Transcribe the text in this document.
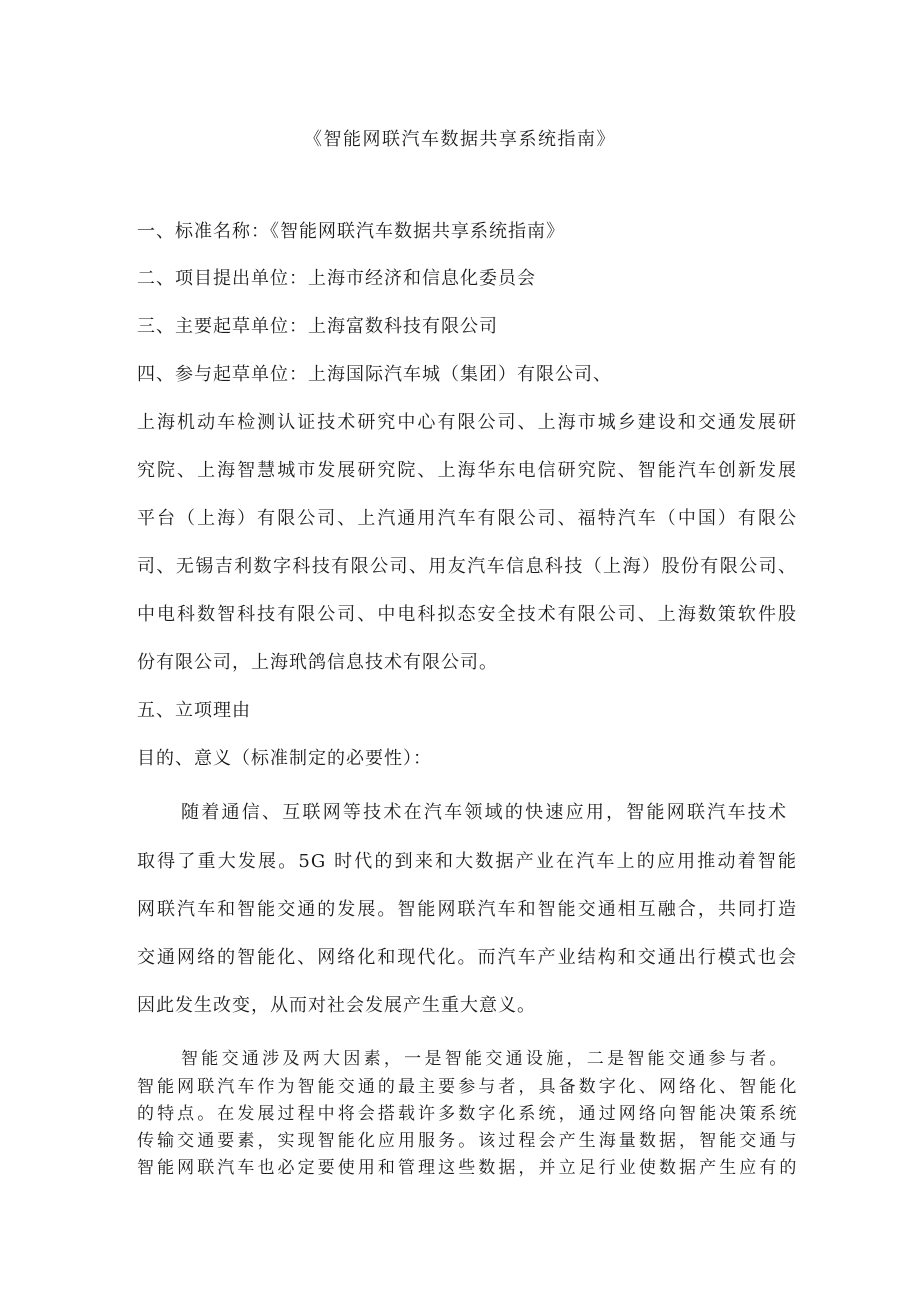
《智能网联汽车数据共享系统指南》
一、标准名称：《智能网联汽车数据共享系统指南》
二、项目提出单位：上海市经济和信息化委员会
三、主要起草单位：上海富数科技有限公司
四、参与起草单位：上海国际汽车城（集团）有限公司、
上海机动车检测认证技术研究中心有限公司、上海市城乡建设和交通发展研
究院、上海智慧城市发展研究院、上海华东电信研究院、智能汽车创新发展
平台（上海）有限公司、上汽通用汽车有限公司、福特汽车（中国）有限公
司、无锡吉利数字科技有限公司、用友汽车信息科技（上海）股份有限公司、
中电科数智科技有限公司、中电科拟态安全技术有限公司、上海数策软件股
份有限公司，上海玳鸽信息技术有限公司。
五、立项理由
目的、意义（标准制定的必要性）：
随着通信、互联网等技术在汽车领域的快速应用，智能网联汽车技术
取得了重大发展。5G 时代的到来和大数据产业在汽车上的应用推动着智能
网联汽车和智能交通的发展。智能网联汽车和智能交通相互融合，共同打造
交通网络的智能化、网络化和现代化。而汽车产业结构和交通出行模式也会
因此发生改变，从而对社会发展产生重大意义。
智能交通涉及两大因素，一是智能交通设施，二是智能交通参与者。
智能网联汽车作为智能交通的最主要参与者，具备数字化、网络化、智能化
的特点。在发展过程中将会搭载许多数字化系统，通过网络向智能决策系统
传输交通要素，实现智能化应用服务。该过程会产生海量数据，智能交通与
智能网联汽车也必定要使用和管理这些数据，并立足行业使数据产生应有的
